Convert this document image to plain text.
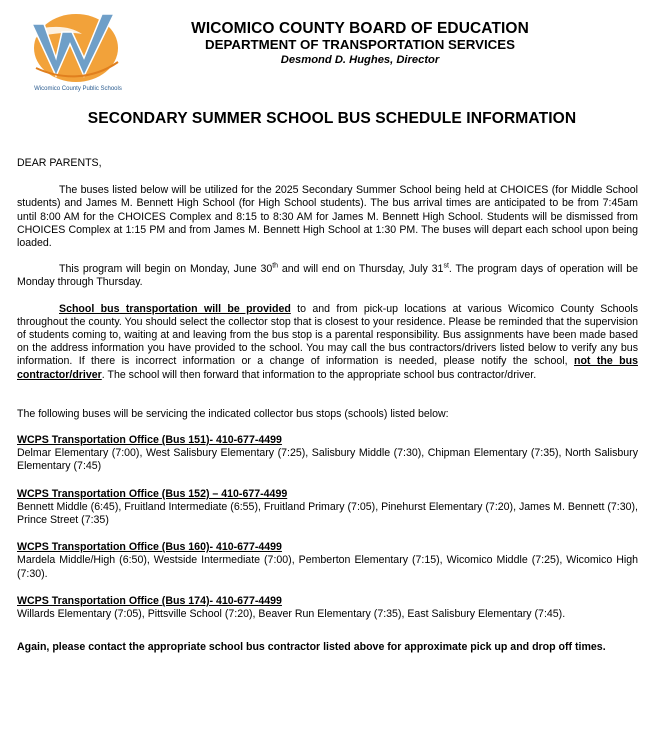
Wicomico County Public Schools
WICOMICO COUNTY BOARD OF EDUCATION
DEPARTMENT OF TRANSPORTATION SERVICES
Desmond D. Hughes, Director
SECONDARY SUMMER SCHOOL BUS SCHEDULE INFORMATION

DEAR PARENTS,

The buses listed below will be utilized for the 2025 Secondary Summer School being held at CHOICES (for Middle School students) and James M. Bennett High School (for High School students). The bus arrival times are anticipated to be from 7:45am until 8:00 AM for the CHOICES Complex and 8:15 to 8:30 AM for James M. Bennett High School. Students will be dismissed from CHOICES Complex at 1:15 PM and from James M. Bennett High School at 1:30 PM. The buses will depart each school upon being loaded.

This program will begin on Monday, June 30th and will end on Thursday, July 31st. The program days of operation will be Monday through Thursday.

School bus transportation will be provided to and from pick-up locations at various Wicomico County Schools throughout the county. You should select the collector stop that is closest to your residence. Please be reminded that the supervision of students coming to, waiting at and leaving from the bus stop is a parental responsibility. Bus assignments have been made based on the address information you have provided to the school. You may call the bus contractors/drivers listed below to verify any bus information. If there is incorrect information or a change of information is needed, please notify the school, not the bus contractor/driver. The school will then forward that information to the appropriate school bus contractor/driver.

The following buses will be servicing the indicated collector bus stops (schools) listed below:

WCPS Transportation Office (Bus 151)- 410-677-4499
Delmar Elementary (7:00), West Salisbury Elementary (7:25), Salisbury Middle (7:30), Chipman Elementary (7:35), North Salisbury Elementary (7:45)
WCPS Transportation Office (Bus 152) – 410-677-4499
Bennett Middle (6:45), Fruitland Intermediate (6:55), Fruitland Primary (7:05), Pinehurst Elementary (7:20), James M. Bennett (7:30), Prince Street (7:35)
WCPS Transportation Office (Bus 160)- 410-677-4499
Mardela Middle/High (6:50), Westside Intermediate (7:00), Pemberton Elementary (7:15), Wicomico Middle (7:25), Wicomico High (7:30).
WCPS Transportation Office (Bus 174)- 410-677-4499
Willards Elementary (7:05), Pittsville School (7:20), Beaver Run Elementary (7:35), East Salisbury Elementary (7:45).

Again, please contact the appropriate school bus contractor listed above for approximate pick up and drop off times.
